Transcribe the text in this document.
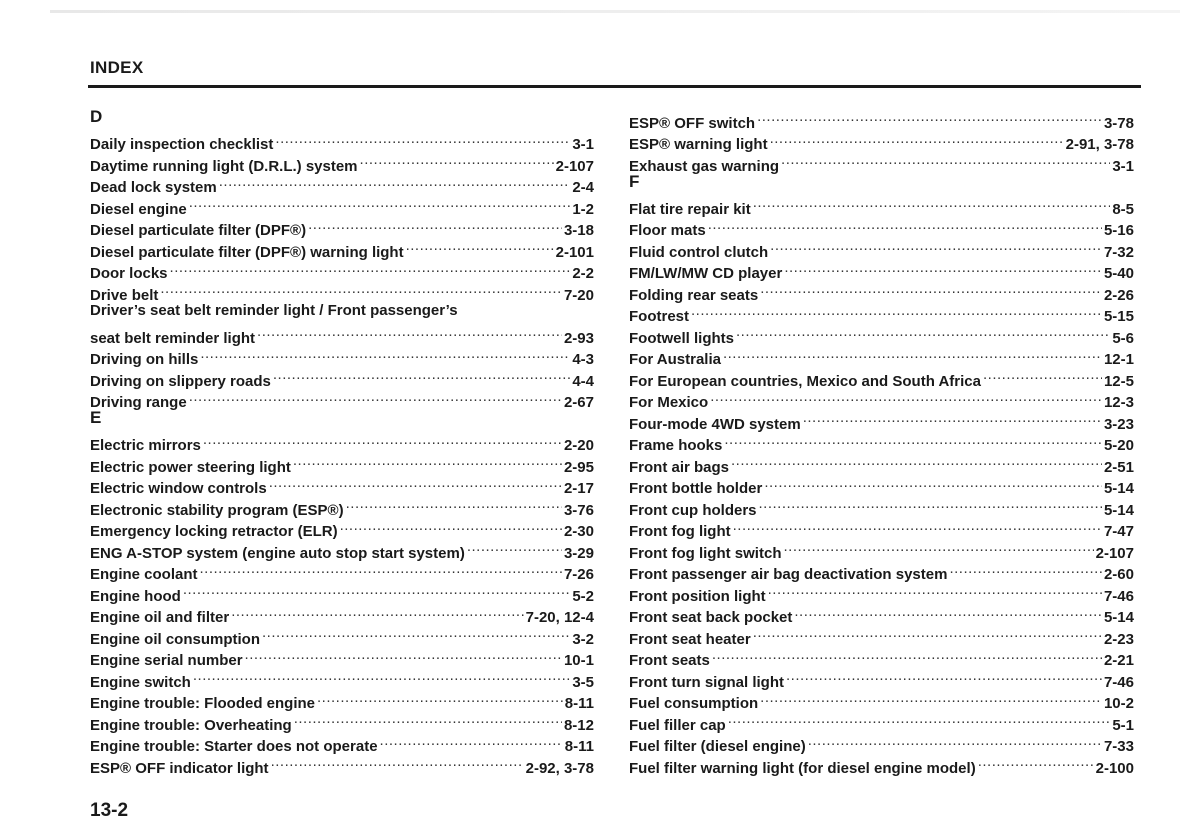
INDEX
D
Daily inspection checklist .....	3-1
Daytime running light (D.R.L.) system .....	2-107
Dead lock system .....	2-4
Diesel engine .....	1-2
Diesel particulate filter (DPF®) .....	3-18
Diesel particulate filter (DPF®) warning light .....	2-101
Door locks .....	2-2
Drive belt .....	7-20
Driver’s seat belt reminder light / Front passenger’s
seat belt reminder light .....	2-93
Driving on hills .....	4-3
Driving on slippery roads .....	4-4
Driving range .....	2-67
E
Electric mirrors .....	2-20
Electric power steering light .....	2-95
Electric window controls .....	2-17
Electronic stability program (ESP®) .....	3-76
Emergency locking retractor (ELR) .....	2-30
ENG A-STOP system (engine auto stop start system) .....	3-29
Engine coolant .....	7-26
Engine hood .....	5-2
Engine oil and filter .....	7-20, 12-4
Engine oil consumption .....	3-2
Engine serial number .....	10-1
Engine switch .....	3-5
Engine trouble: Flooded engine .....	8-11
Engine trouble: Overheating .....	8-12
Engine trouble: Starter does not operate .....	8-11
ESP® OFF indicator light .....	2-92, 3-78
ESP® OFF switch .....	3-78
ESP® warning light .....	2-91, 3-78
Exhaust gas warning .....	3-1
F
Flat tire repair kit .....	8-5
Floor mats .....	5-16
Fluid control clutch .....	7-32
FM/LW/MW CD player .....	5-40
Folding rear seats .....	2-26
Footrest .....	5-15
Footwell lights .....	5-6
For Australia .....	12-1
For European countries, Mexico and South Africa .....	12-5
For Mexico .....	12-3
Four-mode 4WD system .....	3-23
Frame hooks .....	5-20
Front air bags .....	2-51
Front bottle holder .....	5-14
Front cup holders .....	5-14
Front fog light .....	7-47
Front fog light switch .....	2-107
Front passenger air bag deactivation system .....	2-60
Front position light .....	7-46
Front seat back pocket .....	5-14
Front seat heater .....	2-23
Front seats .....	2-21
Front turn signal light .....	7-46
Fuel consumption .....	10-2
Fuel filler cap .....	5-1
Fuel filter (diesel engine) .....	7-33
Fuel filter warning light (for diesel engine model) .....	2-100
13-2
